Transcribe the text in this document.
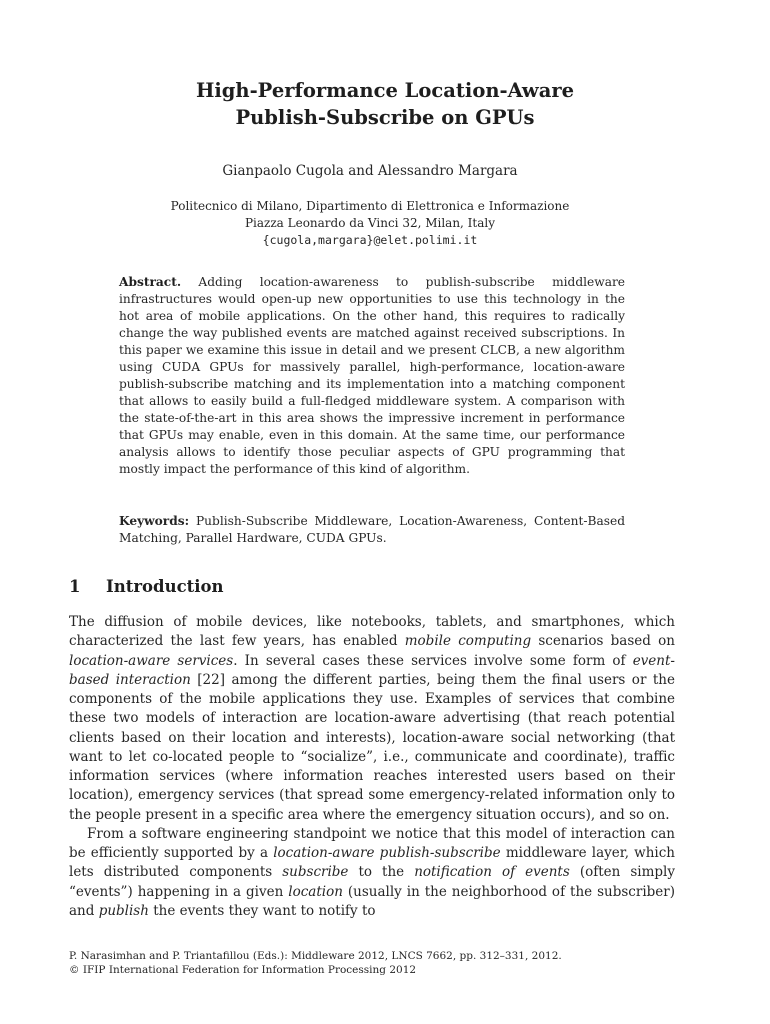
High-Performance Location-Aware
Publish-Subscribe on GPUs
Gianpaolo Cugola and Alessandro Margara
Politecnico di Milano, Dipartimento di Elettronica e Informazione
Piazza Leonardo da Vinci 32, Milan, Italy
{cugola,margara}@elet.polimi.it
Abstract. Adding location-awareness to publish-subscribe middleware infrastructures would open-up new opportunities to use this technology in the hot area of mobile applications. On the other hand, this requires to radically change the way published events are matched against received subscriptions. In this paper we examine this issue in detail and we present CLCB, a new algorithm using CUDA GPUs for massively parallel, high-performance, location-aware publish-subscribe matching and its implementation into a matching component that allows to easily build a full-fledged middleware system. A comparison with the state-of-the-art in this area shows the impressive increment in performance that GPUs may enable, even in this domain. At the same time, our performance analysis allows to identify those peculiar aspects of GPU programming that mostly impact the performance of this kind of algorithm.
Keywords: Publish-Subscribe Middleware, Location-Awareness, Content-Based Matching, Parallel Hardware, CUDA GPUs.
1 Introduction

The diffusion of mobile devices, like notebooks, tablets, and smartphones, which characterized the last few years, has enabled mobile computing scenarios based on location-aware services. In several cases these services involve some form of event-based interaction [22] among the different parties, being them the final users or the components of the mobile applications they use. Examples of services that combine these two models of interaction are location-aware advertising (that reach potential clients based on their location and interests), location-aware social networking (that want to let co-located people to “socialize”, i.e., communicate and coordinate), traffic information services (where information reaches interested users based on their location), emergency services (that spread some emergency-related information only to the people present in a specific area where the emergency situation occurs), and so on.

From a software engineering standpoint we notice that this model of interaction can be efficiently supported by a location-aware publish-subscribe middleware layer, which lets distributed components subscribe to the notification of events (often simply “events”) happening in a given location (usually in the neighborhood of the subscriber) and publish the events they want to notify to

P. Narasimhan and P. Triantafillou (Eds.): Middleware 2012, LNCS 7662, pp. 312–331, 2012.
© IFIP International Federation for Information Processing 2012
